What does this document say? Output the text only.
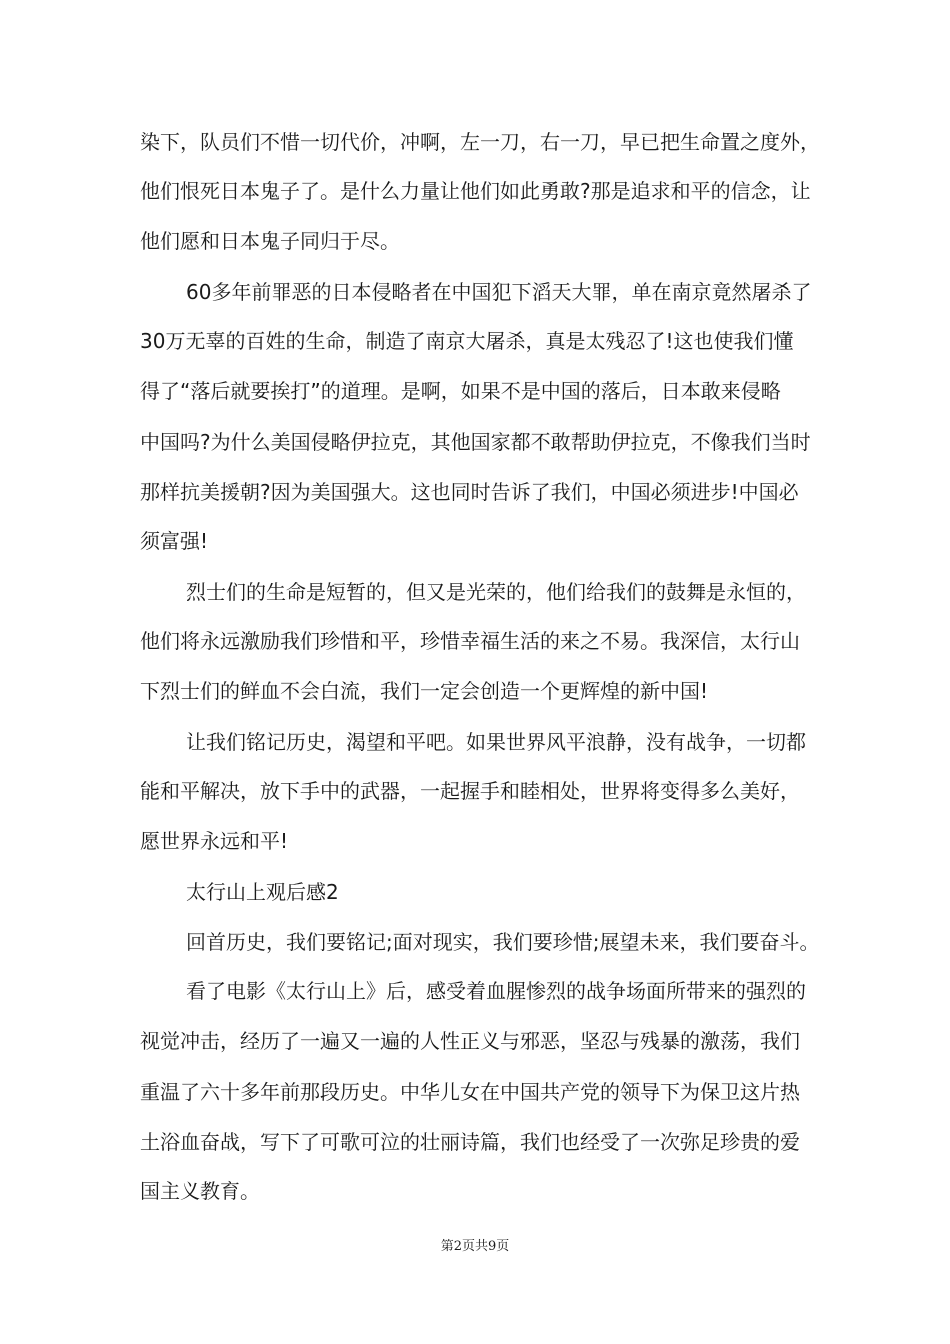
染下，队员们不惜一切代价，冲啊，左一刀，右一刀，早已把生命置之度外，
他们恨死日本鬼子了。是什么力量让他们如此勇敢?那是追求和平的信念，让
他们愿和日本鬼子同归于尽。
60多年前罪恶的日本侵略者在中国犯下滔天大罪，单在南京竟然屠杀了
30万无辜的百姓的生命，制造了南京大屠杀，真是太残忍了!这也使我们懂
得了“落后就要挨打”的道理。是啊，如果不是中国的落后，日本敢来侵略
中国吗?为什么美国侵略伊拉克，其他国家都不敢帮助伊拉克，不像我们当时
那样抗美援朝?因为美国强大。这也同时告诉了我们，中国必须进步!中国必
须富强!
烈士们的生命是短暂的，但又是光荣的，他们给我们的鼓舞是永恒的，
他们将永远激励我们珍惜和平，珍惜幸福生活的来之不易。我深信，太行山
下烈士们的鲜血不会白流，我们一定会创造一个更辉煌的新中国!
让我们铭记历史，渴望和平吧。如果世界风平浪静，没有战争，一切都
能和平解决，放下手中的武器，一起握手和睦相处，世界将变得多么美好，
愿世界永远和平!
太行山上观后感2
回首历史，我们要铭记;面对现实，我们要珍惜;展望未来，我们要奋斗。
看了电影《太行山上》后，感受着血腥惨烈的战争场面所带来的强烈的
视觉冲击，经历了一遍又一遍的人性正义与邪恶，坚忍与残暴的激荡，我们
重温了六十多年前那段历史。中华儿女在中国共产党的领导下为保卫这片热
土浴血奋战，写下了可歌可泣的壮丽诗篇，我们也经受了一次弥足珍贵的爱
国主义教育。
第2页共9页
